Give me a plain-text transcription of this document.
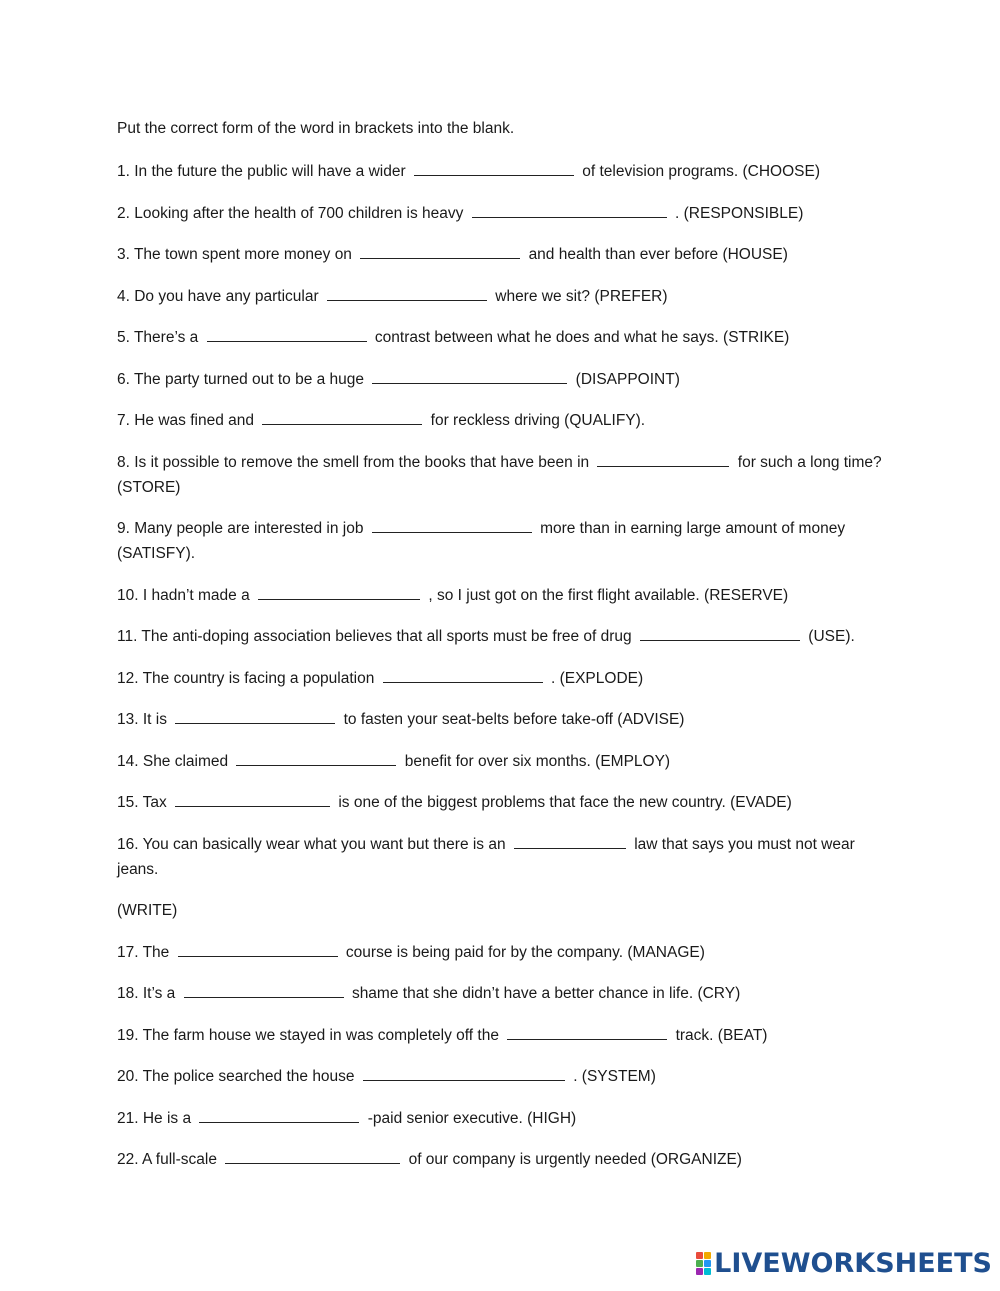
Put the correct form of the word in brackets into the blank.

1. In the future the public will have a wider	of television programs. (CHOOSE)
2. Looking after the health of 700 children is heavy	. (RESPONSIBLE)
3. The town spent more money on	and health than ever before (HOUSE)
4. Do you have any particular	where we sit? (PREFER)
5. There’s a	contrast between what he does and what he says. (STRIKE)
6. The party turned out to be a huge	(DISAPPOINT)
7. He was fined and	for reckless driving (QUALIFY).
8. Is it possible to remove the smell from the books that have been in	for such a long time? (STORE)
9. Many people are interested in job	more than in earning large amount of money (SATISFY).
10. I hadn’t made a	, so I just got on the first flight available. (RESERVE)
11. The anti-doping association believes that all sports must be free of drug	(USE).
12. The country is facing a population	. (EXPLODE)
13. It is	to fasten your seat-belts before take-off (ADVISE)
14. She claimed	benefit for over six months. (EMPLOY)
15. Tax	is one of the biggest problems that face the new country. (EVADE)
16. You can basically wear what you want but there is an	law that says you must not wear jeans.
(WRITE)
17. The	course is being paid for by the company. (MANAGE)
18. It’s a	shame that she didn’t have a better chance in life. (CRY)
19. The farm house we stayed in was completely off the	track. (BEAT)
20. The police searched the house	. (SYSTEM)
21. He is a	-paid senior executive. (HIGH)
22. A full-scale	of our company is urgently needed (ORGANIZE)
LIVEWORKSHEETS
